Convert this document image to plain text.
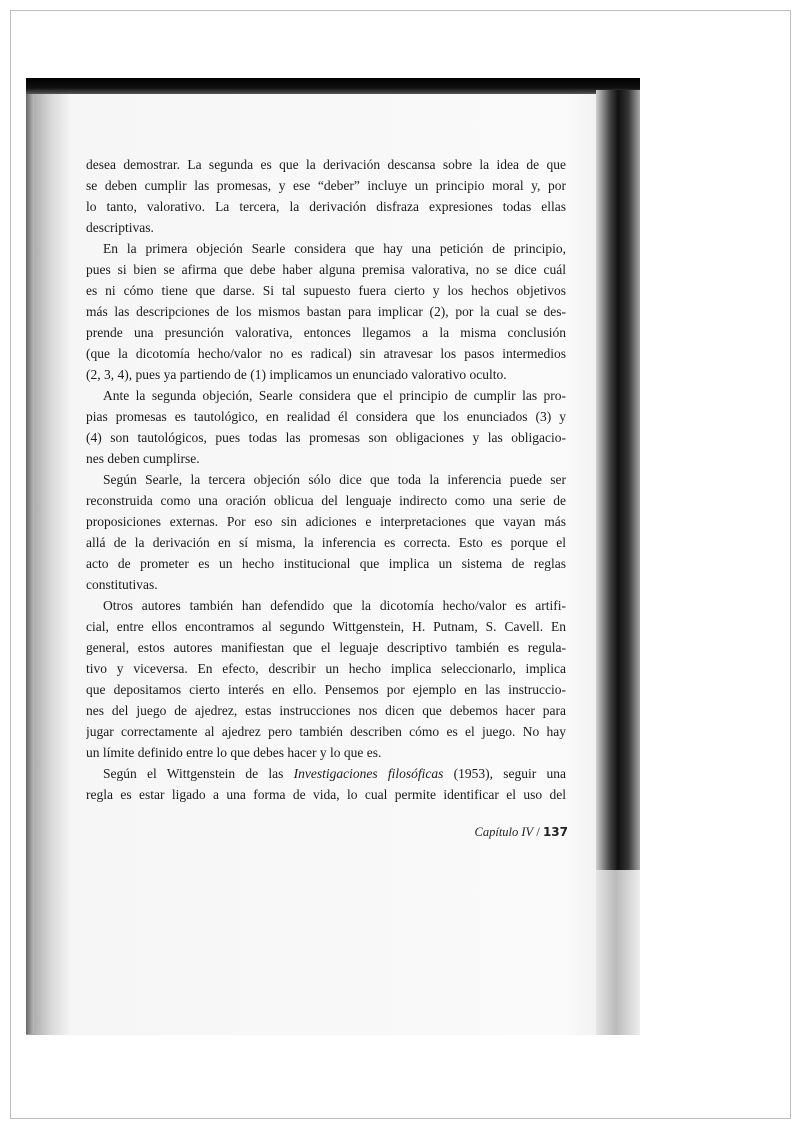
desea demostrar. La segunda es que la derivación descansa sobre la idea de que
se deben cumplir las promesas, y ese “deber” incluye un principio moral y, por
lo tanto, valorativo. La tercera, la derivación disfraza expresiones todas ellas
descriptivas.
En la primera objeción Searle considera que hay una petición de principio,
pues si bien se afirma que debe haber alguna premisa valorativa, no se dice cuál
es ni cómo tiene que darse. Si tal supuesto fuera cierto y los hechos objetivos
más las descripciones de los mismos bastan para implicar (2), por la cual se des-
prende una presunción valorativa, entonces llegamos a la misma conclusión
(que la dicotomía hecho/valor no es radical) sin atravesar los pasos intermedios
(2, 3, 4), pues ya partiendo de (1) implicamos un enunciado valorativo oculto.
Ante la segunda objeción, Searle considera que el principio de cumplir las pro-
pias promesas es tautológico, en realidad él considera que los enunciados (3) y
(4) son tautológicos, pues todas las promesas son obligaciones y las obligacio-
nes deben cumplirse.
Según Searle, la tercera objeción sólo dice que toda la inferencia puede ser
reconstruida como una oración oblicua del lenguaje indirecto como una serie de
proposiciones externas. Por eso sin adiciones e interpretaciones que vayan más
allá de la derivación en sí misma, la inferencia es correcta. Esto es porque el
acto de prometer es un hecho institucional que implica un sistema de reglas
constitutivas.
Otros autores también han defendido que la dicotomía hecho/valor es artifi-
cial, entre ellos encontramos al segundo Wittgenstein, H. Putnam, S. Cavell. En
general, estos autores manifiestan que el leguaje descriptivo también es regula-
tivo y viceversa. En efecto, describir un hecho implica seleccionarlo, implica
que depositamos cierto interés en ello. Pensemos por ejemplo en las instruccio-
nes del juego de ajedrez, estas instrucciones nos dicen que debemos hacer para
jugar correctamente al ajedrez pero también describen cómo es el juego. No hay
un límite definido entre lo que debes hacer y lo que es.
Según el Wittgenstein de las Investigaciones filosóficas (1953), seguir una
regla es estar ligado a una forma de vida, lo cual permite identificar el uso del
Capítulo IV / 137
